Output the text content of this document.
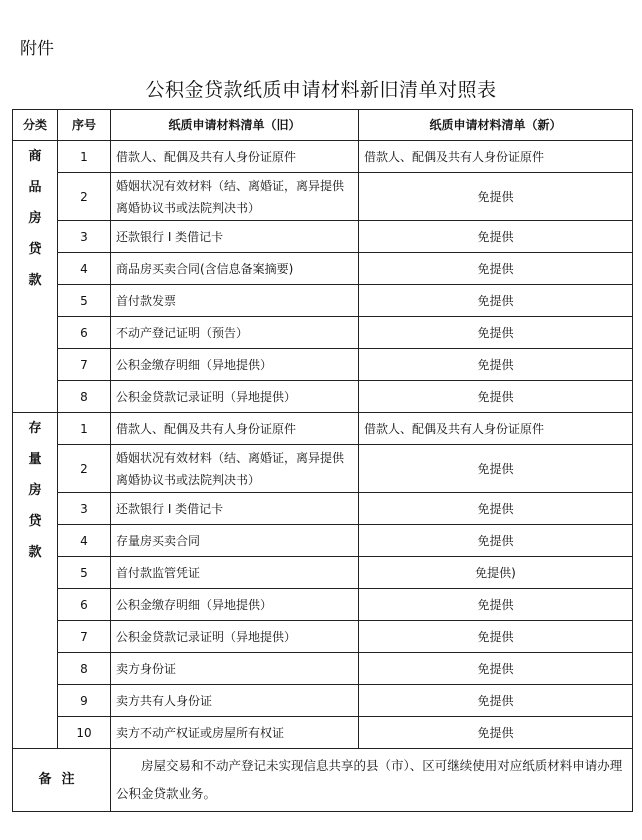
附件
公积金贷款纸质申请材料新旧清单对照表
分类	序号	纸质申请材料清单（旧）	纸质申请材料清单（新）

商
品
房
贷
款	1	借款人、配偶及共有人身份证原件	借款人、配偶及共有人身份证原件
	2	婚姻状况有效材料（结、离婚证，离异提供离婚协议书或法院判决书）	免提供
	3	还款银行 I 类借记卡	免提供
	4	商品房买卖合同(含信息备案摘要)	免提供
	5	首付款发票	免提供
	6	不动产登记证明（预告）	免提供
	7	公积金缴存明细（异地提供）	免提供
	8	公积金贷款记录证明（异地提供）	免提供

存
量
房
贷
款	1	借款人、配偶及共有人身份证原件	借款人、配偶及共有人身份证原件
	2	婚姻状况有效材料（结、离婚证，离异提供离婚协议书或法院判决书）	免提供
	3	还款银行 I 类借记卡	免提供
	4	存量房买卖合同	免提供
	5	首付款监管凭证	免提供)
	6	公积金缴存明细（异地提供）	免提供
	7	公积金贷款记录证明（异地提供）	免提供
	8	卖方身份证	免提供
	9	卖方共有人身份证	免提供
	10	卖方不动产权证或房屋所有权证	免提供
备注		房屋交易和不动产登记未实现信息共享的县（市）、区可继续使用对应纸质材料申请办理公积金贷款业务。	
